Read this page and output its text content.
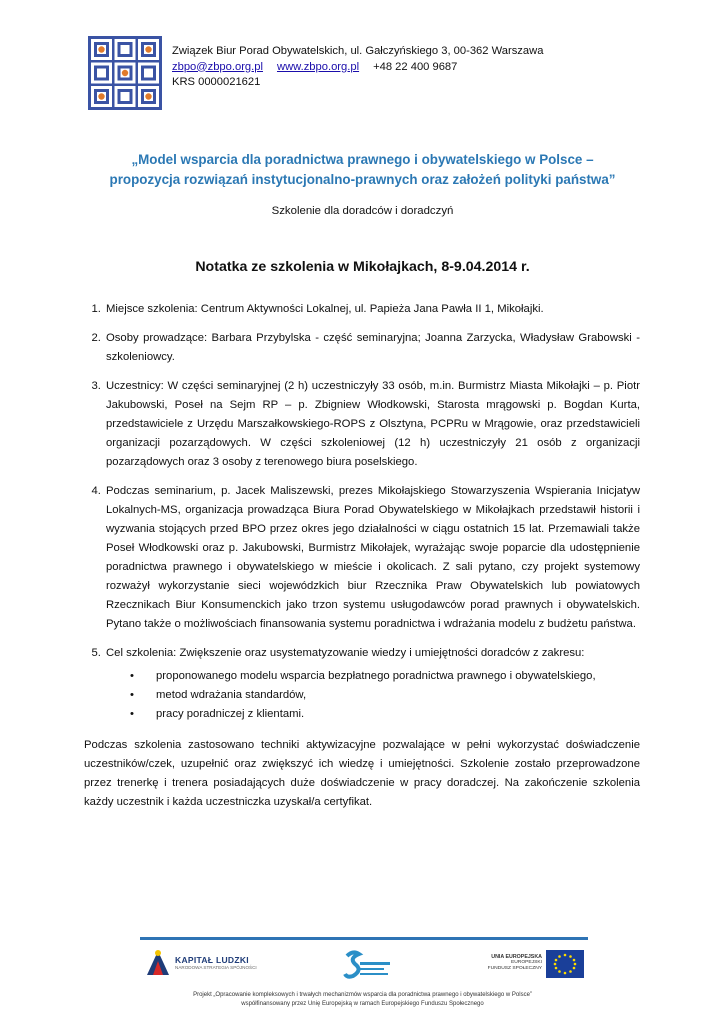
Związek Biur Porad Obywatelskich, ul. Gałczyńskiego 3, 00-362 Warszawa
zbpo@zbpo.org.pl www.zbpo.org.pl +48 22 400 9687
KRS 0000021621
„Model wsparcia dla poradnictwa prawnego i obywatelskiego w Polsce –
propozycja rozwiązań instytucjonalno-prawnych oraz założeń polityki państwa”
Szkolenie dla doradców i doradczyń
Notatka ze szkolenia w Mikołajkach, 8-9.04.2014 r.
1. Miejsce szkolenia: Centrum Aktywności Lokalnej, ul. Papieża Jana Pawła II 1, Mikołajki.
2. Osoby prowadzące: Barbara Przybylska - część seminaryjna; Joanna Zarzycka, Władysław Grabowski - szkoleniowcy.
3. Uczestnicy: W części seminaryjnej (2 h) uczestniczyły 33 osób, m.in. Burmistrz Miasta Mikołajki – p. Piotr Jakubowski, Poseł na Sejm RP – p. Zbigniew Włodkowski, Starosta mrągowski p. Bogdan Kurta, przedstawiciele z Urzędu Marszałkowskiego-ROPS z Olsztyna, PCPRu w Mrągowie, oraz przedstawicieli organizacji pozarządowych. W części szkoleniowej (12 h) uczestniczyły 21 osób z organizacji pozarządowych oraz 3 osoby z terenowego biura poselskiego.
4. Podczas seminarium, p. Jacek Maliszewski, prezes Mikołajskiego Stowarzyszenia Wspierania Inicjatyw Lokalnych-MS, organizacja prowadząca Biura Porad Obywatelskiego w Mikołajkach przedstawił historii i wyzwania stojących przed BPO przez okres jego działalności w ciągu ostatnich 15 lat. Przemawiali także Poseł Włodkowski oraz p. Jakubowski, Burmistrz Mikołajek, wyrażając swoje poparcie dla udostępnienie poradnictwa prawnego i obywatelskiego w mieście i okolicach. Z sali pytano, czy projekt systemowy rozważył wykorzystanie sieci wojewódzkich biur Rzecznika Praw Obywatelskich lub powiatowych Rzecznikach Biur Konsumenckich jako trzon systemu usługodawców porad prawnych i obywatelskich. Pytano także o możliwościach finansowania systemu poradnictwa i wdrażania modelu z budżetu państwa.
5. Cel szkolenia: Zwiększenie oraz usystematyzowanie wiedzy i umiejętności doradców z zakresu:
• proponowanego modelu wsparcia bezpłatnego poradnictwa prawnego i obywatelskiego,
• metod wdrażania standardów,
• pracy poradniczej z klientami.
Podczas szkolenia zastosowano techniki aktywizacyjne pozwalające w pełni wykorzystać doświadczenie uczestników/czek, uzupełnić oraz zwiększyć ich wiedzę i umiejętności. Szkolenie zostało przeprowadzone przez trenerkę i trenera posiadających duże doświadczenie w pracy doradczej. Na zakończenie szkolenia każdy uczestnik i każda uczestniczka uzyskał/a certyfikat.
KAPITAŁ LUDZKI
NARODOWA STRATEGIA SPÓJNOŚCI
UNIA EUROPEJSKA
EUROPEJSKI
FUNDUSZ SPOŁECZNY
Projekt „Opracowanie kompleksowych i trwałych mechanizmów wsparcia dla poradnictwa prawnego i obywatelskiego w Polsce”
współfinansowany przez Unię Europejską w ramach Europejskiego Funduszu Społecznego
